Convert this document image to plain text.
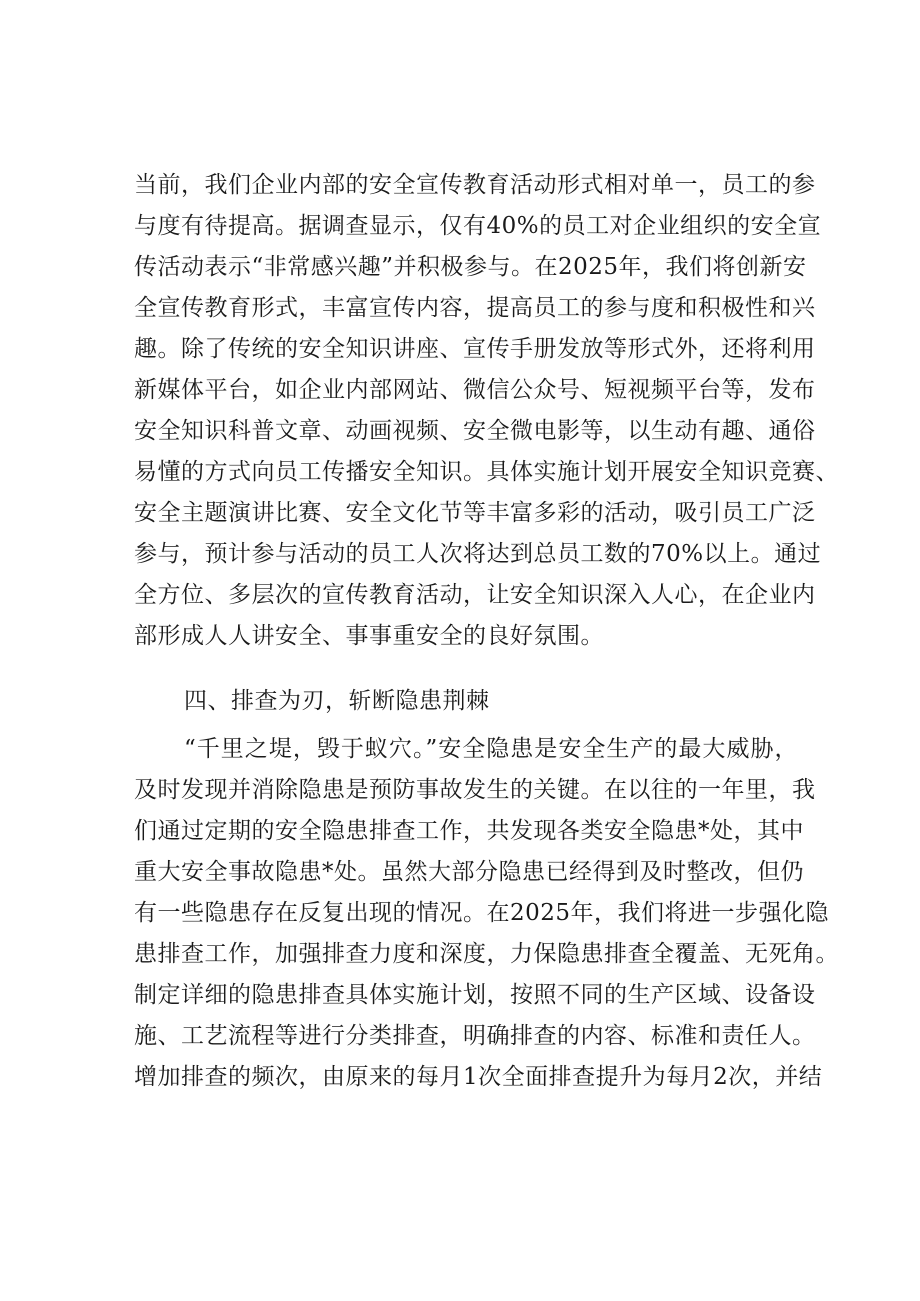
当前，我们企业内部的安全宣传教育活动形式相对单一，员工的参
与度有待提高。据调查显示，仅有40%的员工对企业组织的安全宣
传活动表示“非常感兴趣”并积极参与。在2025年，我们将创新安
全宣传教育形式，丰富宣传内容，提高员工的参与度和积极性和兴
趣。除了传统的安全知识讲座、宣传手册发放等形式外，还将利用
新媒体平台，如企业内部网站、微信公众号、短视频平台等，发布
安全知识科普文章、动画视频、安全微电影等，以生动有趣、通俗
易懂的方式向员工传播安全知识。具体实施计划开展安全知识竞赛、
安全主题演讲比赛、安全文化节等丰富多彩的活动，吸引员工广泛
参与，预计参与活动的员工人次将达到总员工数的70%以上。通过
全方位、多层次的宣传教育活动，让安全知识深入人心，在企业内
部形成人人讲安全、事事重安全的良好氛围。
四、排查为刃，斩断隐患荆棘
“千里之堤，毁于蚁穴。”安全隐患是安全生产的最大威胁，
及时发现并消除隐患是预防事故发生的关键。在以往的一年里，我
们通过定期的安全隐患排查工作，共发现各类安全隐患*处，其中
重大安全事故隐患*处。虽然大部分隐患已经得到及时整改，但仍
有一些隐患存在反复出现的情况。在2025年，我们将进一步强化隐
患排查工作，加强排查力度和深度，力保隐患排查全覆盖、无死角。
制定详细的隐患排查具体实施计划，按照不同的生产区域、设备设
施、工艺流程等进行分类排查，明确排查的内容、标准和责任人。
增加排查的频次，由原来的每月1次全面排查提升为每月2次，并结
